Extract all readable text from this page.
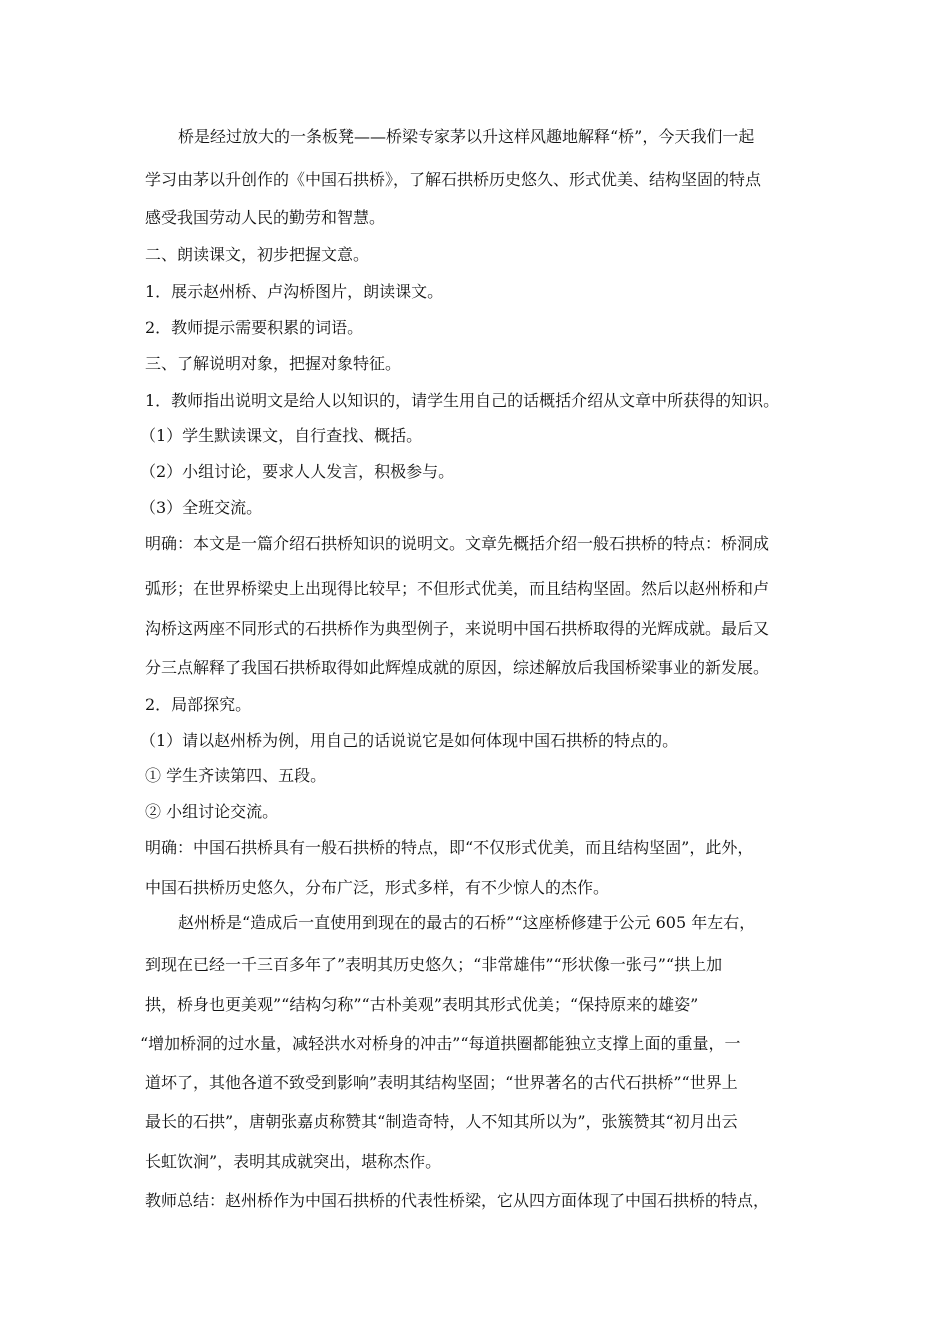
桥是经过放大的一条板凳——桥梁专家茅以升这样风趣地解释“桥”，今天我们一起
学习由茅以升创作的《中国石拱桥》，了解石拱桥历史悠久、形式优美、结构坚固的特点
感受我国劳动人民的勤劳和智慧。
二、朗读课文，初步把握文意。
1．展示赵州桥、卢沟桥图片，朗读课文。
2．教师提示需要积累的词语。
三、了解说明对象，把握对象特征。
1．教师指出说明文是给人以知识的，请学生用自己的话概括介绍从文章中所获得的知识。
（1）学生默读课文，自行查找、概括。
（2）小组讨论，要求人人发言，积极参与。
（3）全班交流。
明确：本文是一篇介绍石拱桥知识的说明文。文章先概括介绍一般石拱桥的特点：桥洞成
弧形；在世界桥梁史上出现得比较早；不但形式优美，而且结构坚固。然后以赵州桥和卢
沟桥这两座不同形式的石拱桥作为典型例子，来说明中国石拱桥取得的光辉成就。最后又
分三点解释了我国石拱桥取得如此辉煌成就的原因，综述解放后我国桥梁事业的新发展。
2．局部探究。
（1）请以赵州桥为例，用自己的话说说它是如何体现中国石拱桥的特点的。
① 学生齐读第四、五段。
② 小组讨论交流。
明确：中国石拱桥具有一般石拱桥的特点，即“不仅形式优美，而且结构坚固”，此外，
中国石拱桥历史悠久，分布广泛，形式多样，有不少惊人的杰作。
赵州桥是“造成后一直使用到现在的最古的石桥”“这座桥修建于公元 605 年左右，
到现在已经一千三百多年了”表明其历史悠久；“非常雄伟”“形状像一张弓”“拱上加
拱，桥身也更美观”“结构匀称”“古朴美观”表明其形式优美；“保持原来的雄姿”
“增加桥洞的过水量，减轻洪水对桥身的冲击”“每道拱圈都能独立支撑上面的重量，一
道坏了，其他各道不致受到影响”表明其结构坚固；“世界著名的古代石拱桥”“世界上
最长的石拱”，唐朝张嘉贞称赞其“制造奇特，人不知其所以为”，张簇赞其“初月出云
长虹饮涧”，表明其成就突出，堪称杰作。
教师总结：赵州桥作为中国石拱桥的代表性桥梁，它从四方面体现了中国石拱桥的特点，
